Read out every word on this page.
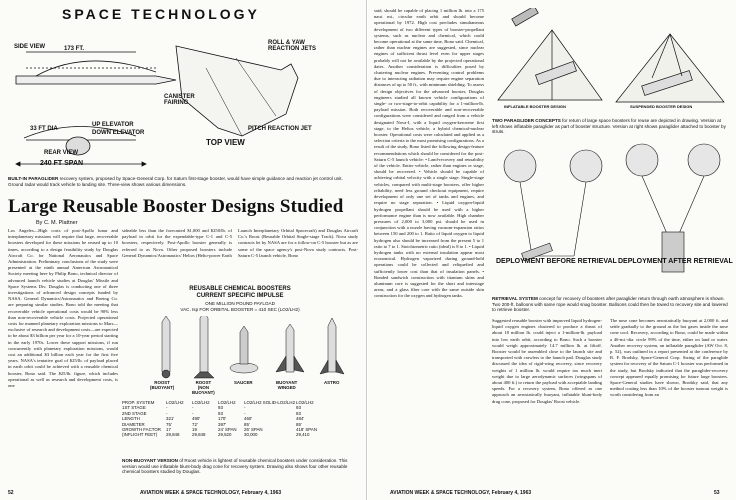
SPACE TECHNOLOGY
SIDE VIEW	173 FT.
ROLL & YAW
REACTION JETS
CANISTER
FAIRING
33 FT DIA
UP ELEVATOR
DOWN ELEVATOR
PITCH REACTION JET
TOP VIEW
REAR VIEW
240 FT SPAN
BUILT-IN PARAGLIDER recovery system, proposed by Space-General Corp. for Saturn first-stage booster, would have simple guidance and reaction jet control unit. Ground radar would track vehicle to landing site. Three-view shows various dimensions.
Large Reusable Booster Designs Studied
By C. M. Plattner
Los Angeles—High costs of post-Apollo lunar and interplanetary missions will require that large, recoverable boosters developed for these missions be reused up to 10 times, according to a design feasibility study by Douglas Aircraft Co. for National Aeronautics and Space Administration. Preliminary conclusions of the study were presented at the ninth annual American Astronautical Society meeting here by Philip Bono, technical director of advanced launch vehicle studies at Douglas' Missile and Space Systems Div. Douglas is conducting one of three investigations of advanced design concepts funded by NASA. General Dynamics/Astronautics and Boeing Co. are preparing similar studies. Bono told the meeting that recoverable vehicle operational costs would be 90% less than non-recoverable vehicle costs. Projected operational costs for manned planetary exploration missions to Mars—exclusive of research and development costs—are expected to be about $3 billion per year for a 10-year period starting in the early 1970s. Lower these support missions, if run concurrently with planetary exploration missions, would cost an additional $3 billion each year for the first five years. NASA's tentative goal of $25/lb. of payload placed in earth orbit could be achieved with a reusable chemical booster, Bono said. The $25/lb. figure, which includes operational as well as research and development costs, is one
sideable less than the forecasted $1,000 and $250/lb. of payload in orbit for the expendable-type C-1 and C-5 boosters, respectively. Post-Apollo booster generally is referred to as Nova. Other proposed boosters include General Dynamics/Astronautics' Helios (Helio-power Earth
Launch Interplanetary Orbital Spacecraft) and Douglas Aircraft Co.'s Roost (Reusable Orbital Single-stage Track). Nova study contracts let by NASA are for a follow-on C-5 booster but as are some of the space agency's post-Nova study contracts. Post-Saturn C-5 launch vehicle, Bono
REUSABLE CHEMICAL BOOSTERS
CURRENT SPECIFIC IMPULSE
ONE MILLION POUND PAYLOAD
VAC. Isp FOR ORBITAL BOOSTER = 410 SEC (LO2/LH2)
ROOST
(BUOYANT)
ROOST
(NON
BUOYANT)
SAUCER	BUOYANT
WINGED
ASTRO
PROP. SYSTEM	LO2/LH2	LO2/LH2	LO2/LH2	LO2/LH2 SOLID-LO2/LH2 LO2/LH2
1ST STAGE	-	-	93	-	93
2ND STAGE	-	-	93	-	93
LENGTH	321'	490'	170'	460'	484'
DIAMETER	75'	72'	397'	85'	85'
GROWTH FACTOR	17	19	24' SPAN	26' SPAN	418' SPAN
(INFLIGHT FEET)	29,848	29,848	29,520	30,000	29,410
NON-BUOYANT VERSION of Roost vehicle is lightest of reusable chemical boosters under consideration. This version would use inflatable blunt-body drag cone for recovery system. Drawing also shows four other reusable chemical boosters studied by Douglas.
52	AVIATION WEEK & SPACE TECHNOLOGY, February 4, 1963
said, should be capable of placing 1 million lb. into a 175 naut. mi., circular earth orbit and should become operational by 1972. High cost precludes simultaneous development of two different types of booster-propellant systems, such as nuclear and chemical, which could become operational at the same time, Bono said. Chemical, rather than nuclear engines are suggested, since nuclear engines of sufficient thrust level even for upper stages probably will not be available by the projected operational dates. Another consideration is difficulties posed by clustering nuclear engines. Preventing control problems due to interacting radiation may require engine separation distances of up to 50 ft., with minimum shielding. To assess of design objectives for the advanced booster, Douglas engineers studied all known vehicle configurations of single- or two-stage-to-orbit capability for a 1-million-lb. payload mission. Both recoverable and non-recoverable configurations were considered and ranged from a vehicle designated Nova-I, with a liquid oxygen-kerosene first stage, to the Helios vehicle, a hybrid chemical-nuclear booster. Operational costs were calculated and applied as a selection criteria to the most promising configurations. As a result of the study, Bono listed the following design-feature recommendations which should be considered for the post-Saturn C-5 launch vehicle: • Land-recovery and reusability of the vehicle. Entire vehicle, rather than engines or stage, should be recovered. • Vehicle should be capable of achieving orbital velocity with a single stage. Single-stage vehicles, compared with multi-stage boosters, offer higher reliability, need less ground checkout equipment, require development of only one set of tanks and engines, and require no stage separation. • Liquid oxygen-liquid hydrogen propellant should be used with a higher performance engine than is now available. High chamber pressures of 2,000 to 3,000 psi. should be used in conjunction with a nozzle having vacuum-expansion ratios between 150 and 200 to 1. Ratio of liquid oxygen to liquid hydrogen also should be increased from the present 5 to 1 ratio to 7 to 1. Stoichiometric ratio (ideal) is 8 to 1. • Liquid hydrogen tanks with no external insulation appear most economical. Hydrogen vaporized during ground-held operations could be collected and reliquefied and sufficiently lower cost than that of insulation panels. • Bonded sandwich construction with titanium skins and aluminum core is suggested for the short and interstage areas, and a glass fiber core with the same outside skin construction for the oxygen and hydrogen tanks.
INFLATABLE BOOSTER DESIGN	SUSPENDED BOOSTER DESIGN
TWO PARAGLIDER CONCEPTS for return of large space boosters for reuse are depicted in drawing. Version at left shows inflatable paraglider as part of booster structure. Version at right shows paraglider attached to booster by struts.
DEPLOYMENT BEFORE RETRIEVAL DEPLOYMENT AFTER RETRIEVAL
RETRIEVAL SYSTEM concept for recovery of boosters after paraglider return through earth atmosphere is shown. Two 200-ft. balloons with same rope would snag booster. Balloons could then be towed to recovery site and lowered to retrieve booster.
Suggested reusable booster with improved liquid hydrogen-liquid oxygen engines clustered to produce a thrust of about 18 million lb. could inject a 1-million-lb. payload into low earth orbit, according to Bono. Such a booster would weigh approximately 14.7 million lb. at liftoff. Booster would be assembled close to the launch site and transported with crawlers to the launch pad. Douglas study discussed the idea of rigid-wing recovery, since recovery weights of 1 million lb. would require too much inert weight due to large aerodynamic surfaces (wingspans of about 400 ft.) to return the payload with acceptable landing speeds. For a recovery system, Bono offered as one approach an aerostatically buoyant, inflatable blunt-body drag cone, proposed for Douglas' Roost vehicle.
The nose cone becomes aerostatically buoyant at 2,000 ft. and settle gradually to the ground as the hot gases inside the nose cone cool. Recovery, according to Bono, could be made within a 46-mi.-dia. circle 99% of the time, either on land or water. Another recovery system, an inflatable paraglider (AW Oct. 8, p. 52), was outlined in a report presented at the conference by R. F. Brodsky, Space-General Corp. Sizing of the paraglide system for recovery of the Saturn C-1 booster was performed in the study, but Brodsky indicated that the paraglider-recovery concept appeared equally promising for future large boosters. Space-General studies have shown, Brodsky said, that any method costing less than 10% of the booster turnout weight is worth considering from an
AVIATION WEEK & SPACE TECHNOLOGY, February 4, 1963	53
